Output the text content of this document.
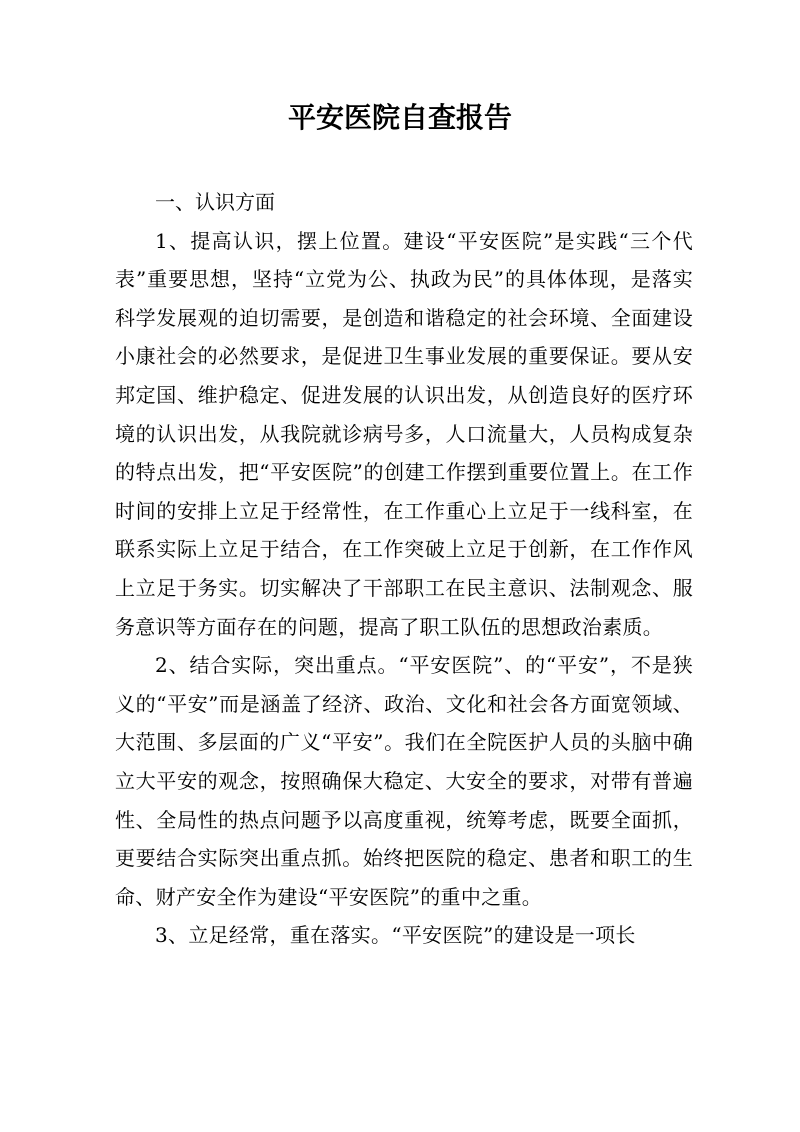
平安医院自查报告

一、认识方面

1、提高认识，摆上位置。建设“平安医院”是实践“三个代表”重要思想，坚持“立党为公、执政为民”的具体体现，是落实科学发展观的迫切需要，是创造和谐稳定的社会环境、全面建设小康社会的必然要求，是促进卫生事业发展的重要保证。要从安邦定国、维护稳定、促进发展的认识出发，从创造良好的医疗环境的认识出发，从我院就诊病号多，人口流量大，人员构成复杂的特点出发，把“平安医院”的创建工作摆到重要位置上。在工作时间的安排上立足于经常性，在工作重心上立足于一线科室，在联系实际上立足于结合，在工作突破上立足于创新，在工作作风上立足于务实。切实解决了干部职工在民主意识、法制观念、服务意识等方面存在的问题，提高了职工队伍的思想政治素质。

2、结合实际，突出重点。“平安医院”、的“平安”，不是狭义的“平安”而是涵盖了经济、政治、文化和社会各方面宽领域、大范围、多层面的广义“平安”。我们在全院医护人员的头脑中确立大平安的观念，按照确保大稳定、大安全的要求，对带有普遍性、全局性的热点问题予以高度重视，统筹考虑，既要全面抓，更要结合实际突出重点抓。始终把医院的稳定、患者和职工的生命、财产安全作为建设“平安医院”的重中之重。

3、立足经常，重在落实。“平安医院”的建设是一项长
